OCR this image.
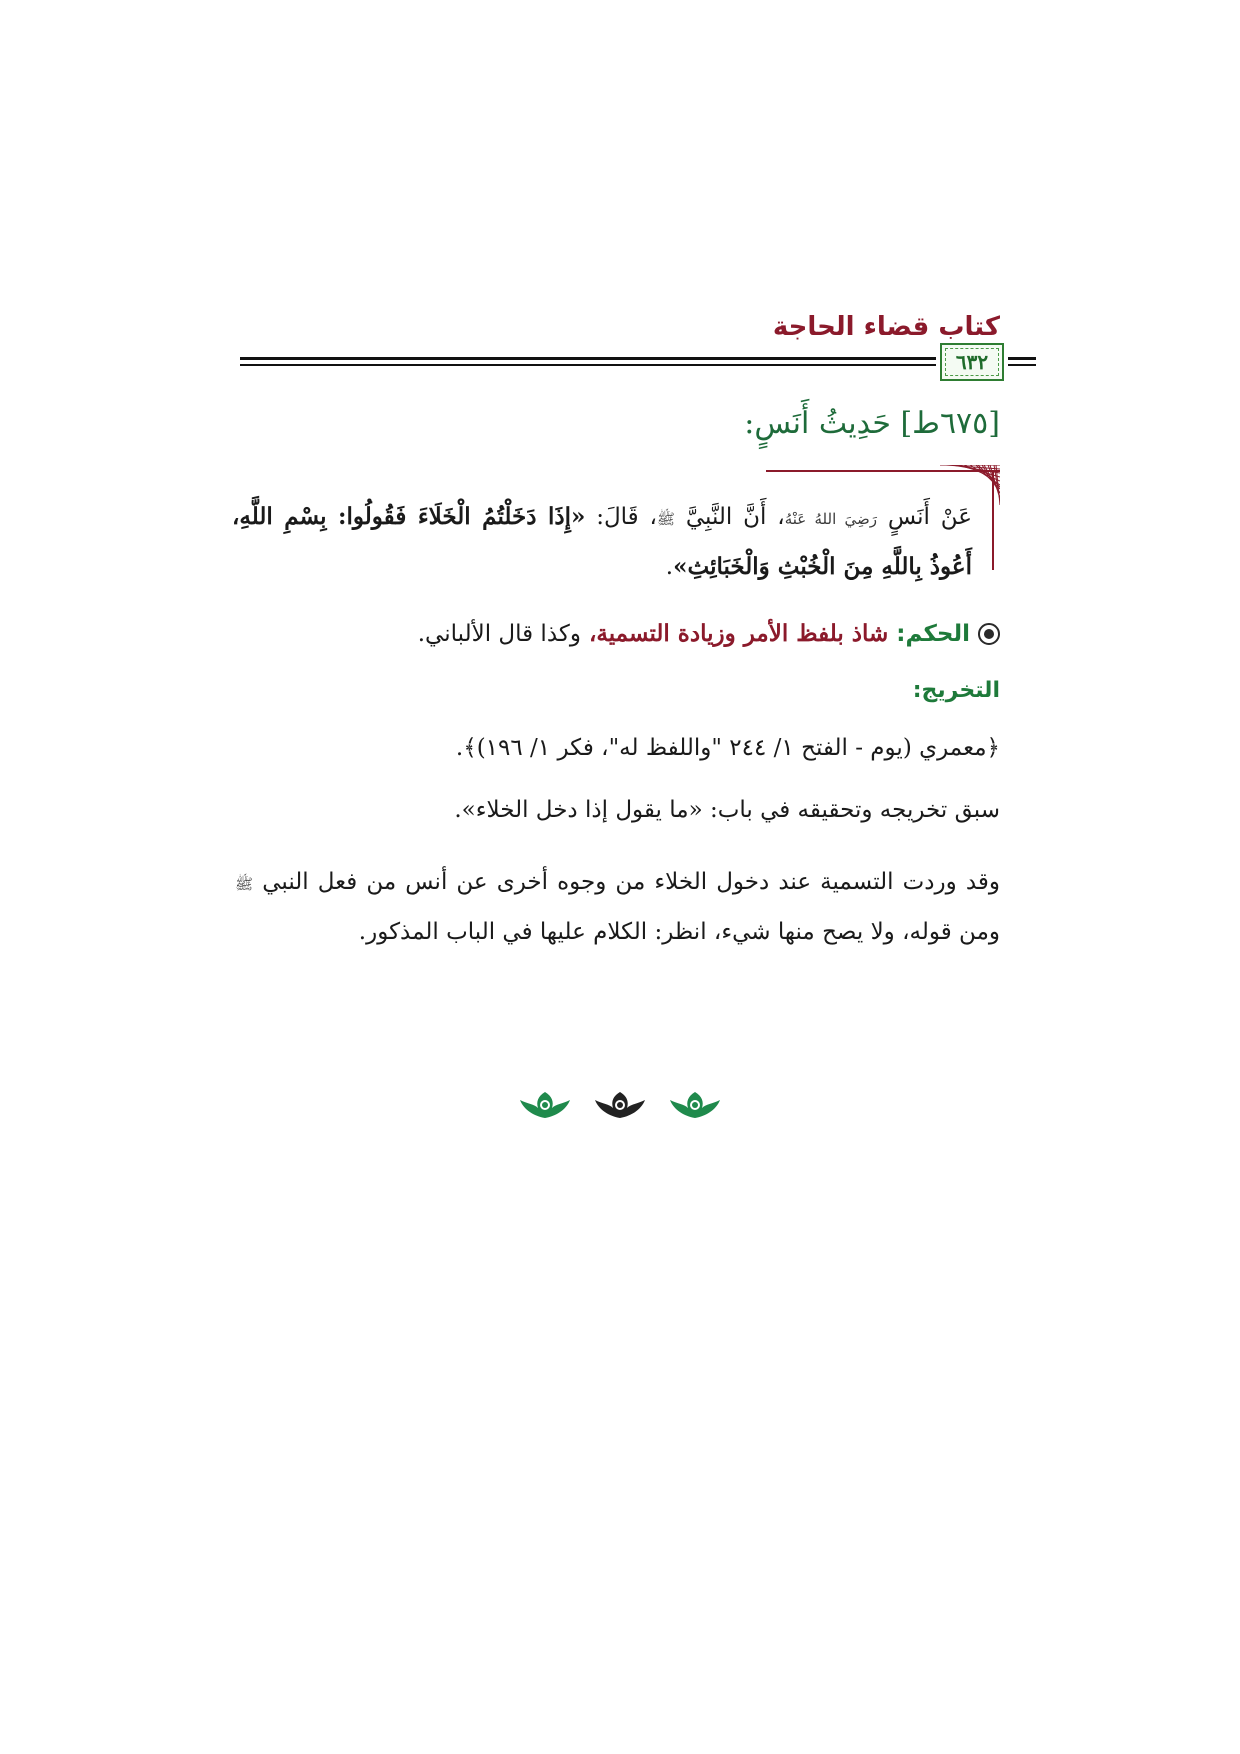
كتاب قضاء الحاجة
٦٣٢
[٦٧٥ط] حَدِيثُ أَنَسٍ:
عَنْ أَنَسٍ رَضِيَ اللهُ عَنْهُ، أَنَّ النَّبِيَّ ﷺ، قَالَ: «إِذَا دَخَلْتُمُ الْخَلَاءَ فَقُولُوا: بِسْمِ اللَّهِ، أَعُوذُ بِاللَّهِ مِنَ الْخُبْثِ وَالْخَبَائِثِ».
الحكم:
شاذ بلفظ الأمر وزيادة التسمية،
وكذا قال الألباني.
التخريج:
﴿معمري (يوم - الفتح ١/ ٢٤٤ "واللفظ له"، فكر ١/ ١٩٦)﴾.
سبق تخريجه وتحقيقه في باب: «ما يقول إذا دخل الخلاء».
وقد وردت التسمية عند دخول الخلاء من وجوه أخرى عن أنس من فعل النبي ﷺ ومن قوله، ولا يصح منها شيء، انظر: الكلام عليها في الباب المذكور.
